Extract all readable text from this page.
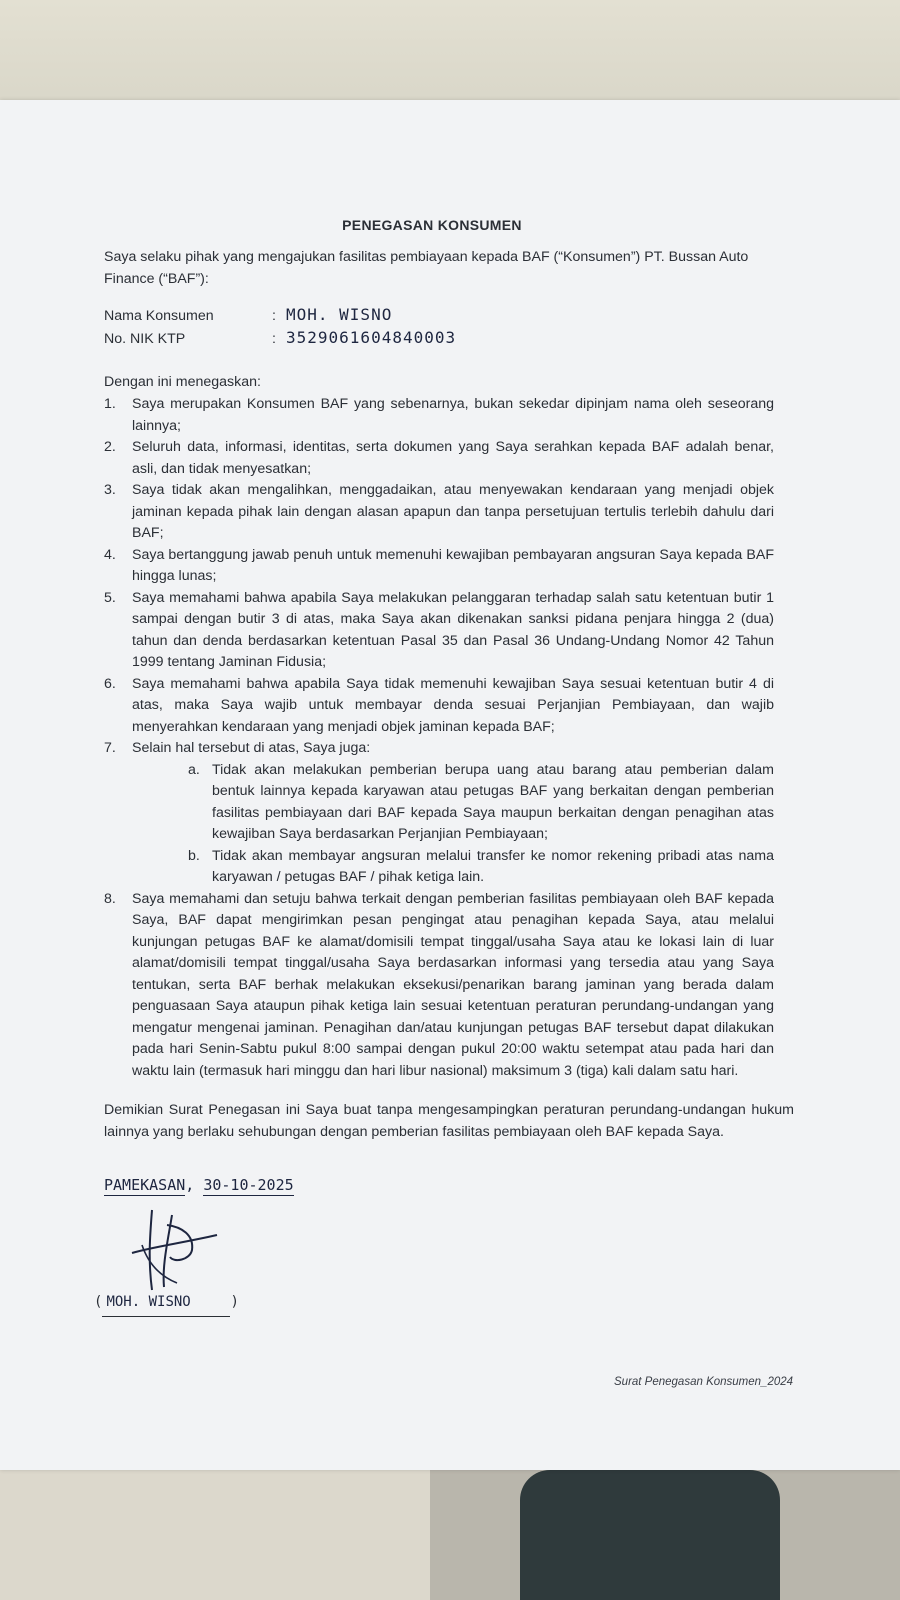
PENEGASAN KONSUMEN
Saya selaku pihak yang mengajukan fasilitas pembiayaan kepada BAF (“Konsumen”) PT. Bussan Auto Finance (“BAF”):
Nama Konsumen	: MOH. WISNO
No. NIK KTP	: 3529061604840003
Dengan ini menegaskan:
1. Saya merupakan Konsumen BAF yang sebenarnya, bukan sekedar dipinjam nama oleh seseorang lainnya;
2. Seluruh data, informasi, identitas, serta dokumen yang Saya serahkan kepada BAF adalah benar, asli, dan tidak menyesatkan;
3. Saya tidak akan mengalihkan, menggadaikan, atau menyewakan kendaraan yang menjadi objek jaminan kepada pihak lain dengan alasan apapun dan tanpa persetujuan tertulis terlebih dahulu dari BAF;
4. Saya bertanggung jawab penuh untuk memenuhi kewajiban pembayaran angsuran Saya kepada BAF hingga lunas;
5. Saya memahami bahwa apabila Saya melakukan pelanggaran terhadap salah satu ketentuan butir 1 sampai dengan butir 3 di atas, maka Saya akan dikenakan sanksi pidana penjara hingga 2 (dua) tahun dan denda berdasarkan ketentuan Pasal 35 dan Pasal 36 Undang-Undang Nomor 42 Tahun 1999 tentang Jaminan Fidusia;
6. Saya memahami bahwa apabila Saya tidak memenuhi kewajiban Saya sesuai ketentuan butir 4 di atas, maka Saya wajib untuk membayar denda sesuai Perjanjian Pembiayaan, dan wajib menyerahkan kendaraan yang menjadi objek jaminan kepada BAF;
7. Selain hal tersebut di atas, Saya juga:
a. Tidak akan melakukan pemberian berupa uang atau barang atau pemberian dalam bentuk lainnya kepada karyawan atau petugas BAF yang berkaitan dengan pemberian fasilitas pembiayaan dari BAF kepada Saya maupun berkaitan dengan penagihan atas kewajiban Saya berdasarkan Perjanjian Pembiayaan;
b. Tidak akan membayar angsuran melalui transfer ke nomor rekening pribadi atas nama karyawan / petugas BAF / pihak ketiga lain.
8. Saya memahami dan setuju bahwa terkait dengan pemberian fasilitas pembiayaan oleh BAF kepada Saya, BAF dapat mengirimkan pesan pengingat atau penagihan kepada Saya, atau melalui kunjungan petugas BAF ke alamat/domisili tempat tinggal/usaha Saya atau ke lokasi lain di luar alamat/domisili tempat tinggal/usaha Saya berdasarkan informasi yang tersedia atau yang Saya tentukan, serta BAF berhak melakukan eksekusi/penarikan barang jaminan yang berada dalam penguasaan Saya ataupun pihak ketiga lain sesuai ketentuan peraturan perundang-undangan yang mengatur mengenai jaminan. Penagihan dan/atau kunjungan petugas BAF tersebut dapat dilakukan pada hari Senin-Sabtu pukul 8:00 sampai dengan pukul 20:00 waktu setempat atau pada hari dan waktu lain (termasuk hari minggu dan hari libur nasional) maksimum 3 (tiga) kali dalam satu hari.
Demikian Surat Penegasan ini Saya buat tanpa mengesampingkan peraturan perundang-undangan hukum lainnya yang berlaku sehubungan dengan pemberian fasilitas pembiayaan oleh BAF kepada Saya.
PAMEKASAN, 30-10-2025
( MOH. WISNO	)
Surat Penegasan Konsumen_2024
